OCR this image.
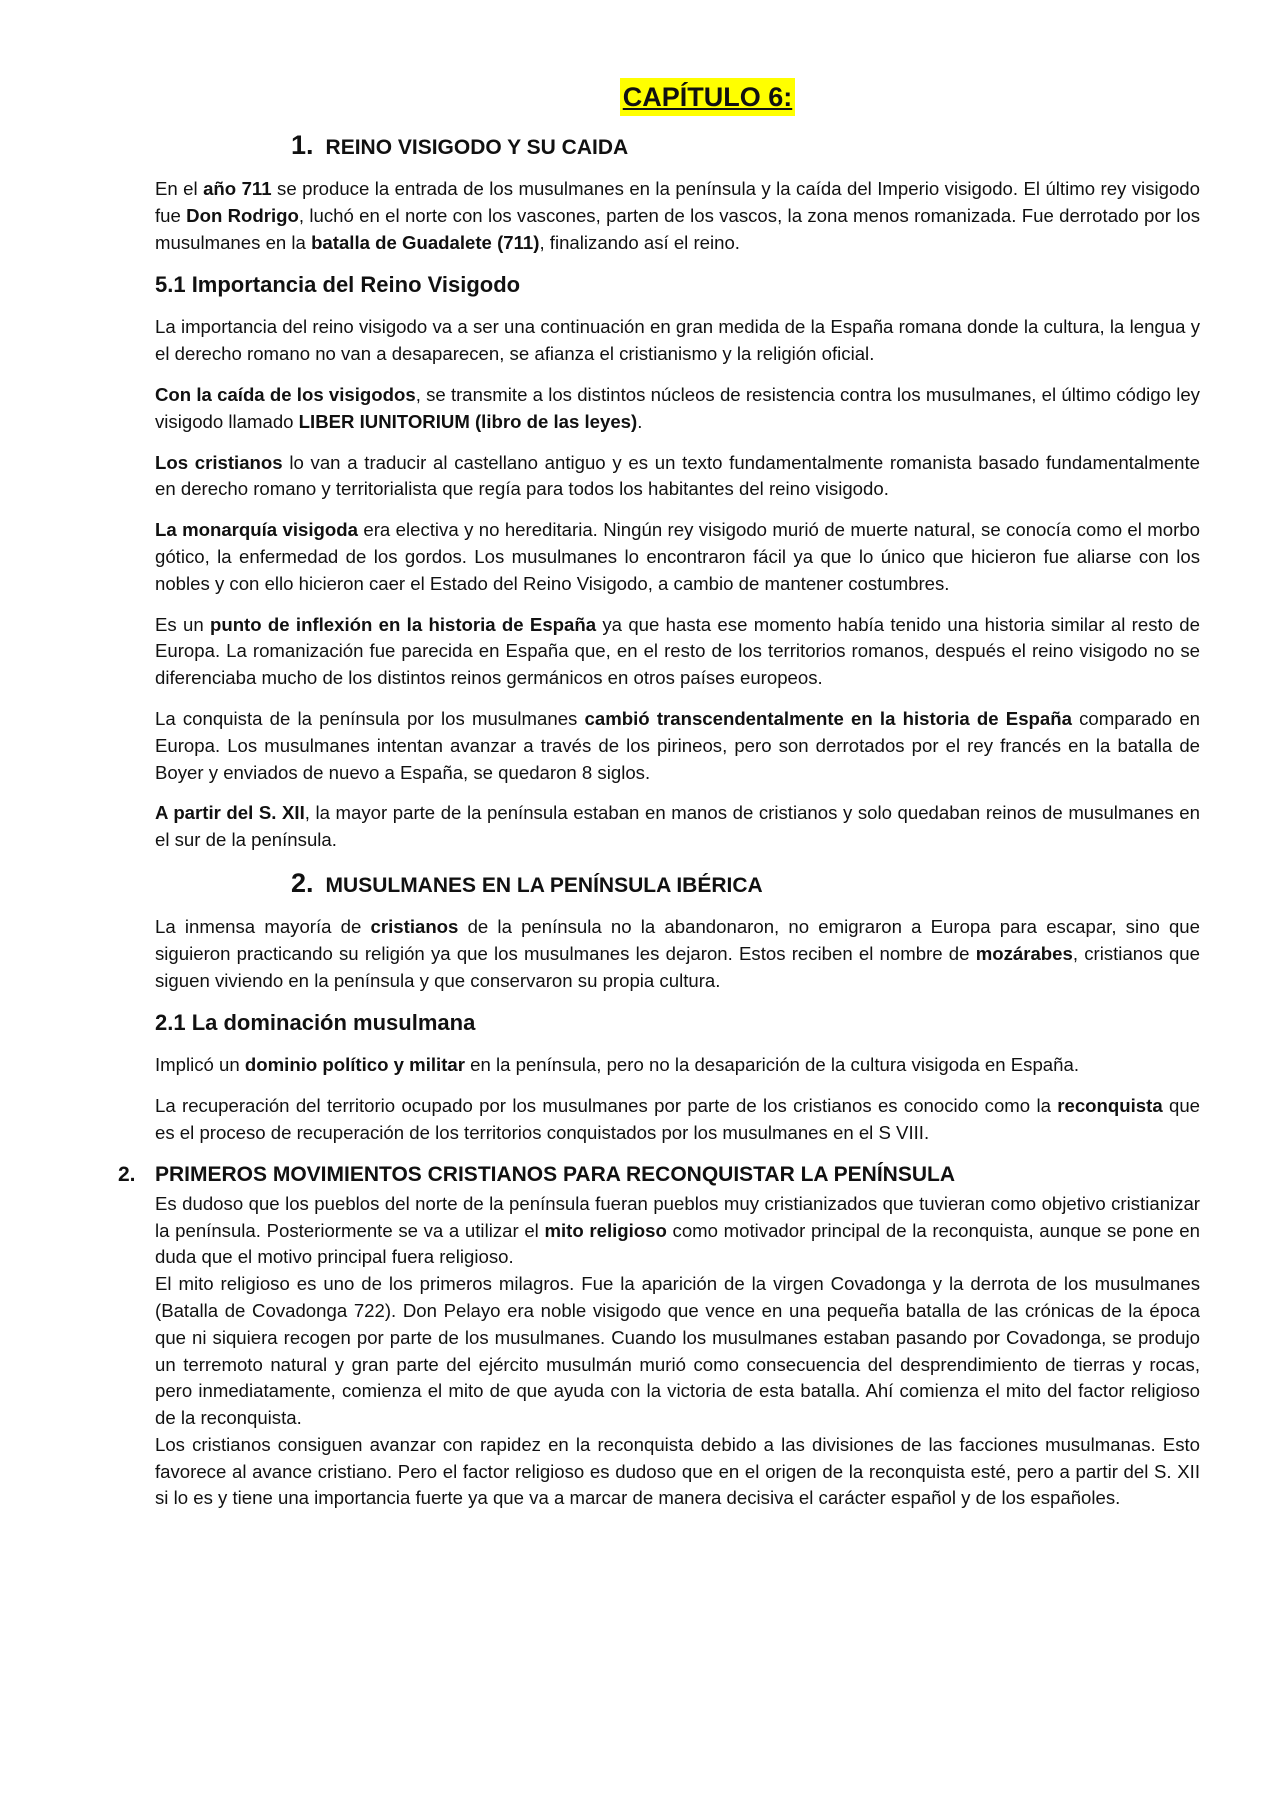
CAPÍTULO 6:
1. REINO VISIGODO Y SU CAIDA
En el año 711 se produce la entrada de los musulmanes en la península y la caída del Imperio visigodo. El último rey visigodo fue Don Rodrigo, luchó en el norte con los vascones, parten de los vascos, la zona menos romanizada. Fue derrotado por los musulmanes en la batalla de Guadalete (711), finalizando así el reino.
5.1 Importancia del Reino Visigodo
La importancia del reino visigodo va a ser una continuación en gran medida de la España romana donde la cultura, la lengua y el derecho romano no van a desaparecen, se afianza el cristianismo y la religión oficial.
Con la caída de los visigodos, se transmite a los distintos núcleos de resistencia contra los musulmanes, el último código ley visigodo llamado LIBER IUNITORIUM (libro de las leyes).
Los cristianos lo van a traducir al castellano antiguo y es un texto fundamentalmente romanista basado fundamentalmente en derecho romano y territorialista que regía para todos los habitantes del reino visigodo.
La monarquía visigoda era electiva y no hereditaria. Ningún rey visigodo murió de muerte natural, se conocía como el morbo gótico, la enfermedad de los gordos. Los musulmanes lo encontraron fácil ya que lo único que hicieron fue aliarse con los nobles y con ello hicieron caer el Estado del Reino Visigodo, a cambio de mantener costumbres.
Es un punto de inflexión en la historia de España ya que hasta ese momento había tenido una historia similar al resto de Europa. La romanización fue parecida en España que, en el resto de los territorios romanos, después el reino visigodo no se diferenciaba mucho de los distintos reinos germánicos en otros países europeos.
La conquista de la península por los musulmanes cambió transcendentalmente en la historia de España comparado en Europa. Los musulmanes intentan avanzar a través de los pirineos, pero son derrotados por el rey francés en la batalla de Boyer y enviados de nuevo a España, se quedaron 8 siglos.
A partir del S. XII, la mayor parte de la península estaban en manos de cristianos y solo quedaban reinos de musulmanes en el sur de la península.
2. MUSULMANES EN LA PENÍNSULA IBÉRICA
La inmensa mayoría de cristianos de la península no la abandonaron, no emigraron a Europa para escapar, sino que siguieron practicando su religión ya que los musulmanes les dejaron. Estos reciben el nombre de mozárabes, cristianos que siguen viviendo en la península y que conservaron su propia cultura.
2.1 La dominación musulmana
Implicó un dominio político y militar en la península, pero no la desaparición de la cultura visigoda en España.
La recuperación del territorio ocupado por los musulmanes por parte de los cristianos es conocido como la reconquista que es el proceso de recuperación de los territorios conquistados por los musulmanes en el S VIII.
2. PRIMEROS MOVIMIENTOS CRISTIANOS PARA RECONQUISTAR LA PENÍNSULA
Es dudoso que los pueblos del norte de la península fueran pueblos muy cristianizados que tuvieran como objetivo cristianizar la península. Posteriormente se va a utilizar el mito religioso como motivador principal de la reconquista, aunque se pone en duda que el motivo principal fuera religioso.
El mito religioso es uno de los primeros milagros. Fue la aparición de la virgen Covadonga y la derrota de los musulmanes (Batalla de Covadonga 722). Don Pelayo era noble visigodo que vence en una pequeña batalla de las crónicas de la época que ni siquiera recogen por parte de los musulmanes. Cuando los musulmanes estaban pasando por Covadonga, se produjo un terremoto natural y gran parte del ejército musulmán murió como consecuencia del desprendimiento de tierras y rocas, pero inmediatamente, comienza el mito de que ayuda con la victoria de esta batalla. Ahí comienza el mito del factor religioso de la reconquista.
Los cristianos consiguen avanzar con rapidez en la reconquista debido a las divisiones de las facciones musulmanas. Esto favorece al avance cristiano. Pero el factor religioso es dudoso que en el origen de la reconquista esté, pero a partir del S. XII si lo es y tiene una importancia fuerte ya que va a marcar de manera decisiva el carácter español y de los españoles.
